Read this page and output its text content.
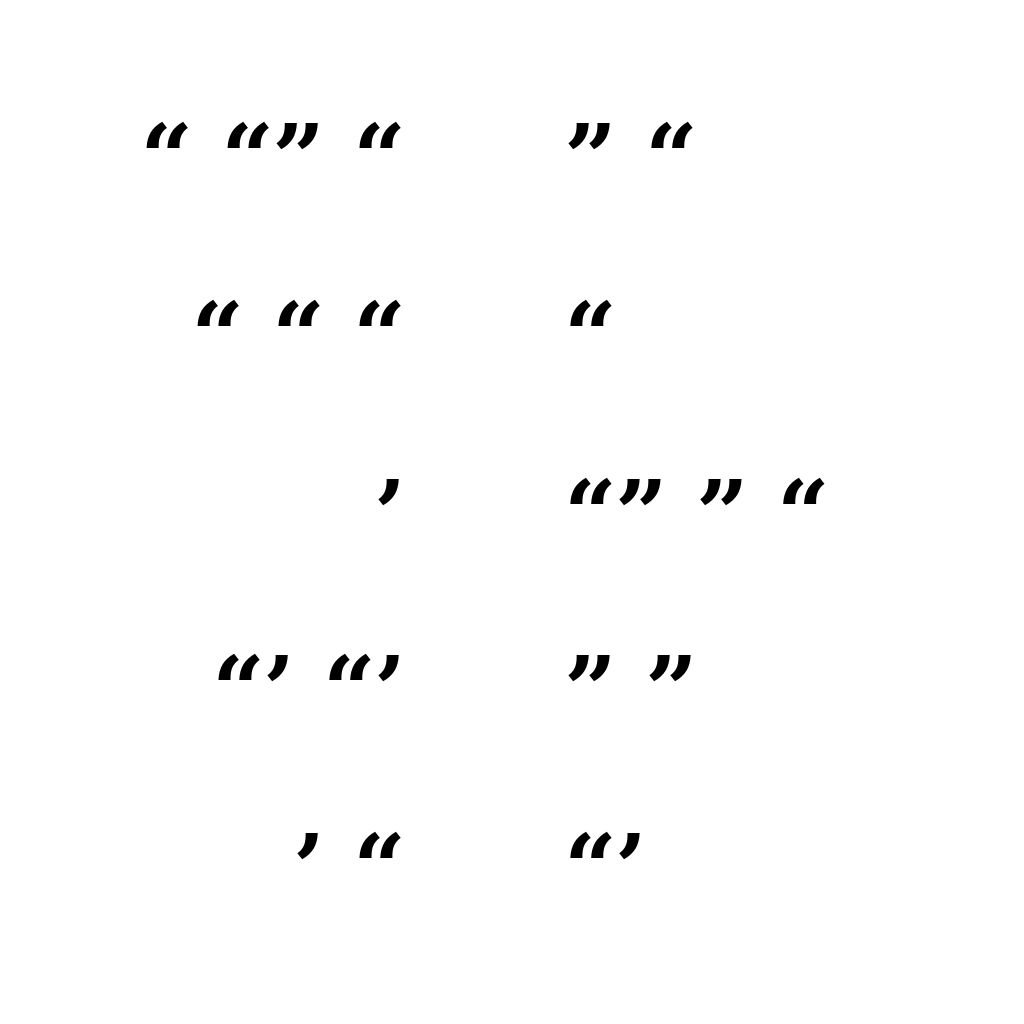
“ “” “ ” “
“ “ “ “
’ “” ” “
“’ “’ ” ”
’ “ “’
